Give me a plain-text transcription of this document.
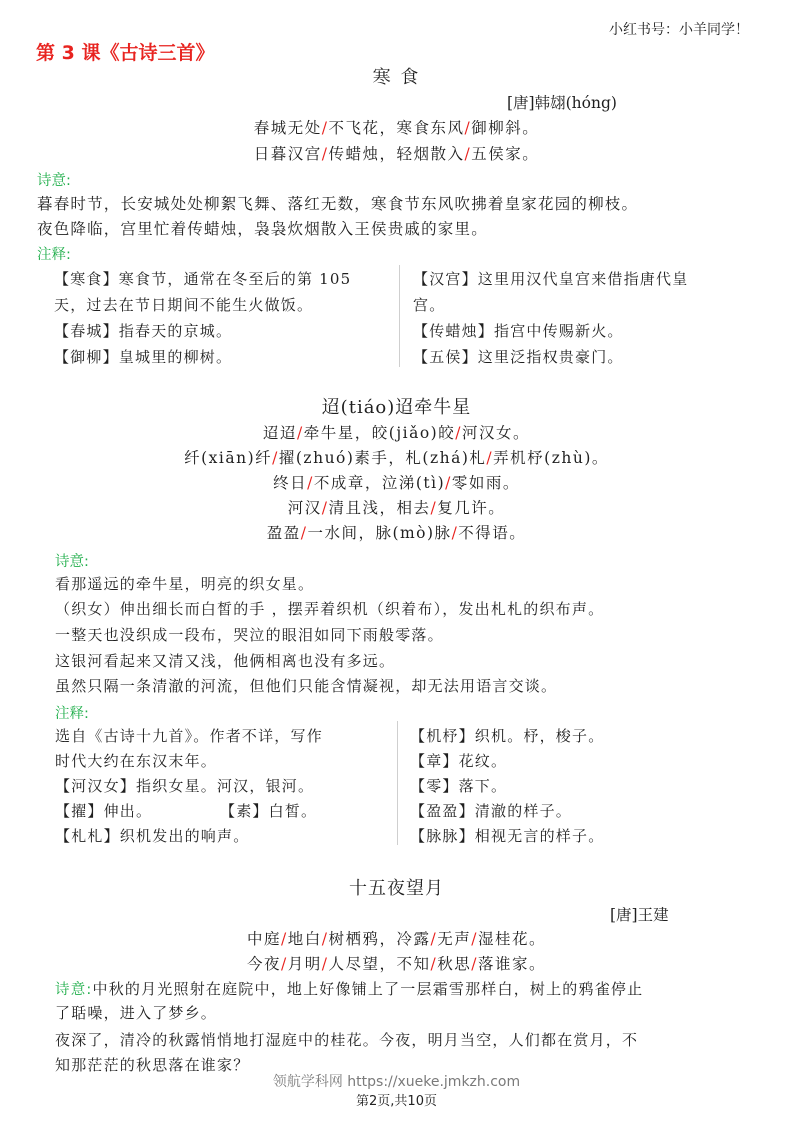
小红书号：小羊同学！
第 3 课《古诗三首》
寒 食
[唐]韩翃(hóng)
春城无处/不飞花，寒食东风/御柳斜。
日暮汉宫/传蜡烛，轻烟散入/五侯家。
诗意:
暮春时节，长安城处处柳絮飞舞、落红无数，寒食节东风吹拂着皇家花园的柳枝。
夜色降临，宫里忙着传蜡烛，袅袅炊烟散入王侯贵戚的家里。
注释:
【寒食】寒食节，通常在冬至后的第 105
天，过去在节日期间不能生火做饭。
【春城】指春天的京城。
【御柳】皇城里的柳树。
【汉宫】这里用汉代皇宫来借指唐代皇
宫。
【传蜡烛】指宫中传赐新火。
【五侯】这里泛指权贵豪门。
迢(tiáo)迢牵牛星
迢迢/牵牛星，皎(jiǎo)皎/河汉女。
纤(xiān)纤/擢(zhuó)素手，札(zhá)札/弄机杼(zhù)。
终日/不成章，泣涕(tì)/零如雨。
河汉/清且浅，相去/复几许。
盈盈/一水间，脉(mò)脉/不得语。
诗意:
看那遥远的牵牛星，明亮的织女星。
（织女）伸出细长而白皙的手 ，摆弄着织机（织着布），发出札札的织布声。
一整天也没织成一段布，哭泣的眼泪如同下雨般零落。
这银河看起来又清又浅，他俩相离也没有多远。
虽然只隔一条清澈的河流，但他们只能含情凝视，却无法用语言交谈。
注释:
选自《古诗十九首》。作者不详，写作
时代大约在东汉末年。
【河汉女】指织女星。河汉，银河。
【擢】伸出。	【素】白皙。
【札札】织机发出的响声。
【机杼】织机。杼，梭子。
【章】花纹。
【零】落下。
【盈盈】清澈的样子。
【脉脉】相视无言的样子。
十五夜望月
[唐]王建
中庭/地白/树栖鸦，冷露/无声/湿桂花。
今夜/月明/人尽望，不知/秋思/落谁家。
诗意:中秋的月光照射在庭院中，地上好像铺上了一层霜雪那样白，树上的鸦雀停止
了聒噪，进入了梦乡。
夜深了，清冷的秋露悄悄地打湿庭中的桂花。今夜，明月当空，人们都在赏月，不
知那茫茫的秋思落在谁家？
领航学科网 https://xueke.jmkzh.com
第2页,共10页
